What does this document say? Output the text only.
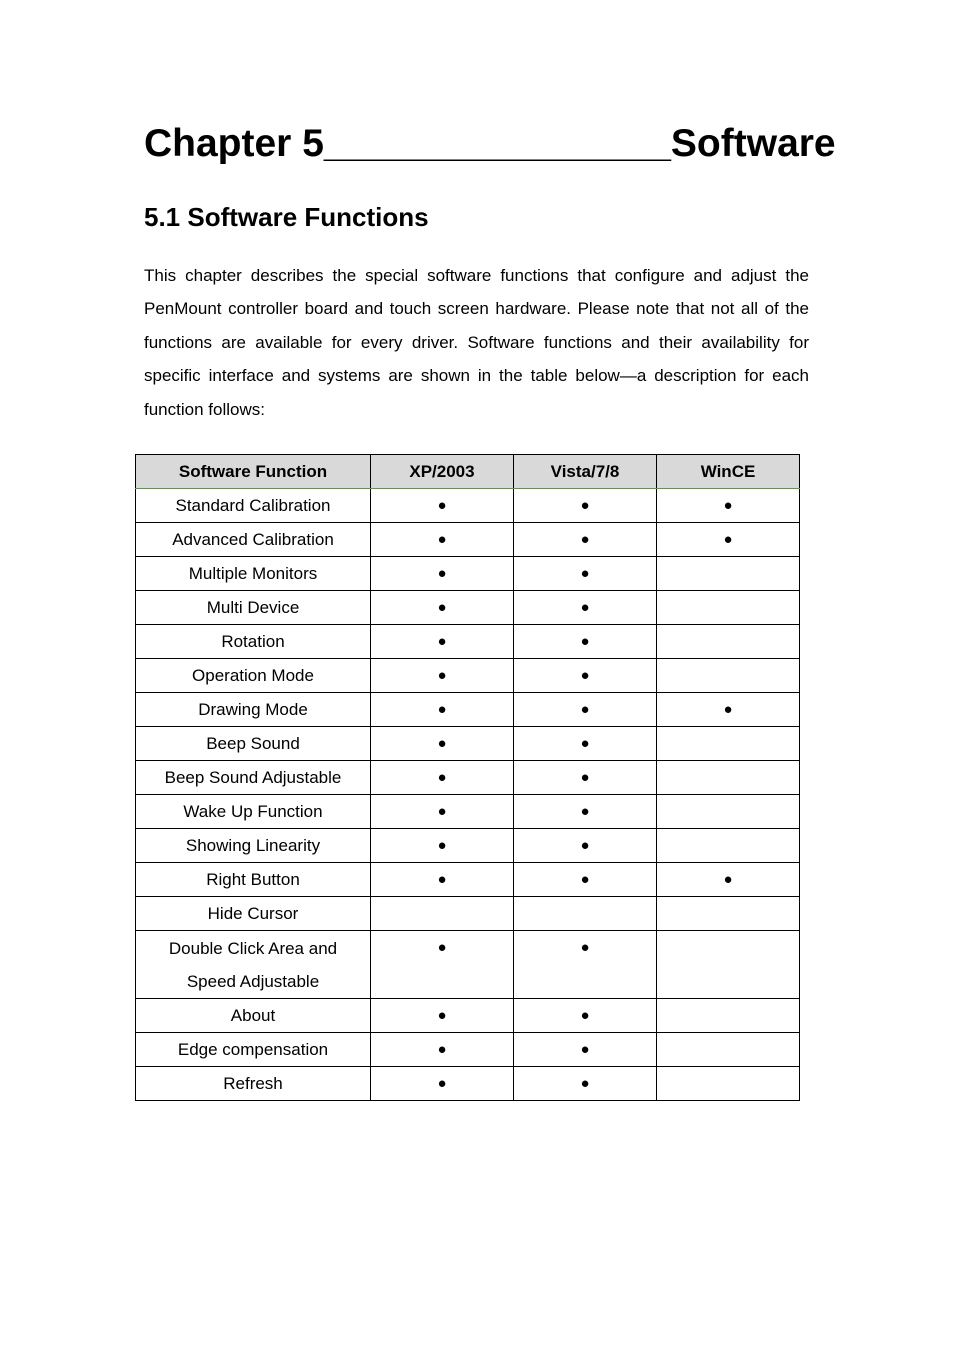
Chapter 5________________Software
5.1 Software Functions

This chapter describes the special software functions that configure and adjust the PenMount controller board and touch screen hardware. Please note that not all of the functions are available for every driver. Software functions and their availability for specific interface and systems are shown in the table below—a description for each function follows:

Software Function	XP/2003	Vista/7/8	WinCE
Standard Calibration	●	●	●
Advanced Calibration	●	●	●
Multiple Monitors	●	●	
Multi Device	●	●	
Rotation	●	●	
Operation Mode	●	●	
Drawing Mode	●	●	●
Beep Sound	●	●	
Beep Sound Adjustable	●	●	
Wake Up Function	●	●	
Showing Linearity	●	●	
Right Button	●	●	●
Hide Cursor			

Double Click Area and
Speed Adjustable	●	●	
About	●	●	
Edge compensation	●	●	
Refresh	●	●	
